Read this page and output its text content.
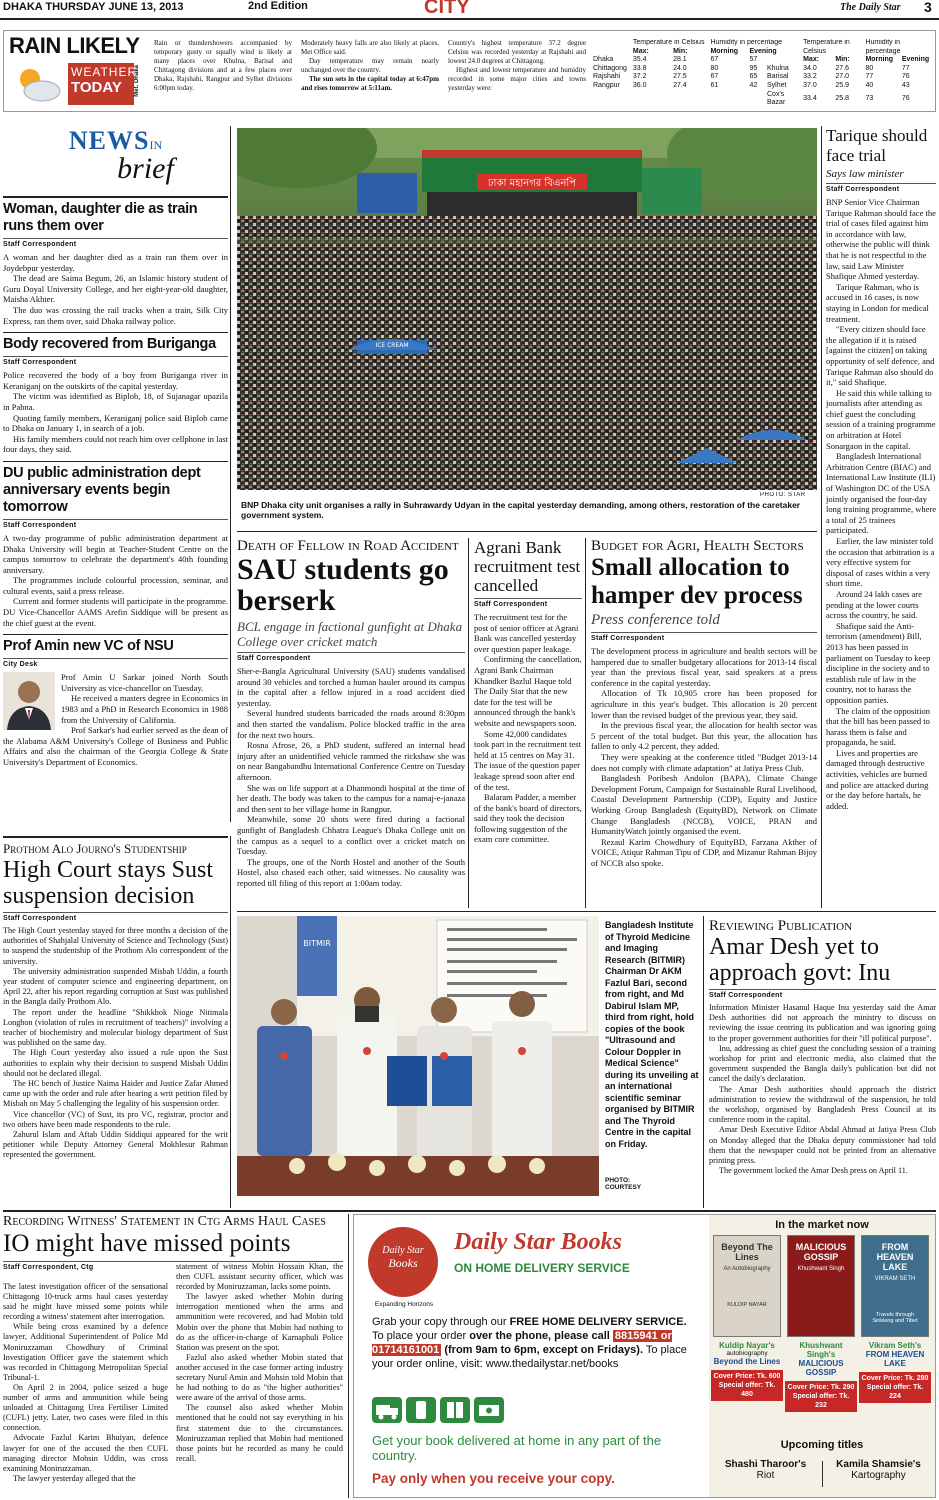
DHAKA THURSDAY JUNE 13, 2013	2nd Edition	CITY	The Daily Star 3
RAIN LIKELY
WEATHER
TODAY	Met. Dhaka
Rain or thundershowers accompanied by temporary gusty or squally wind is likely at many places over Khulna, Barisal and Chittagong divisions and at a few places over Dhaka, Rajshahi, Rangpur and Sylhet divisions 6:00pm today.
Moderately heavy falls are also likely at places, Met Office said.
Day temperature may remain nearly unchanged over the country.
The sun sets in the capital today at 6:47pm and rises tomorrow at 5:11am.
Country's highest temperature 37.2 degree Celsius was recorded yesterday at Rajshahi and lowest 24.0 degrees at Chittagong.
Highest and lowest temperature and humidity recorded in some major cities and towns yesterday were:
	Temperature in Celsius		Humidity in percentage	
	Max:	Min:	Morning	Evening
Dhaka	35.4	28.1	67	57
Chittagong	33.8	24.0	80	95
Rajshahi	37.2	27.5	67	65
Rangpur	36.0	27.4	61	42
	Temperature in Celsius		Humidity in percentage	
	Max:	Min:	Morning	Evening
Khulna	34.0	27.6	80	77
Barisal	33.2	27.0	77	76
Sylhet	37.0	25.9	40	43
Cox's Bazar	33.4	25.8	73	76
NEWSIN
brief
Woman, daughter die as train runs them over
Staff Correspondent

A woman and her daughter died as a train ran them over in Joydebpur yesterday.

The dead are Saima Begum, 26, an Islamic history student of Guru Doyal University College, and her eight-year-old daughter, Maisha Akhter.

The duo was crossing the rail tracks when a train, Silk City Express, ran them over, said Dhaka railway police.

Body recovered from Buriganga
Staff Correspondent

Police recovered the body of a boy from Buriganga river in Keraniganj on the outskirts of the capital yesterday.

The victim was identified as Biplob, 18, of Sujanagar upazila in Pabna.

Quoting family members, Keraniganj police said Biplob came to Dhaka on January 1, in search of a job.

His family members could not reach him over cellphone in last four days, they said.

DU public administration dept anniversary events begin tomorrow
Staff Correspondent

A two-day programme of public administration department at Dhaka University will begin at Teacher-Student Centre on the campus tomorrow to celebrate the department's 40th founding anniversary.

The programmes include colourful procession, seminar, and cultural events, said a press release.

Current and former students will participate in the programme. DU Vice-Chancellor AAMS Arefin Siddique will be present as the chief guest at the event.

Prof Amin new VC of NSU
City Desk

Prof Amin U Sarkar joined North South University as vice-chancellor on Tuesday.

He received a masters degree in Economics in 1983 and a PhD in Research Economics in 1988 from the University of California.

Prof Sarkar's had earlier served as the dean of the Alabama A&M University's College of Business and Public Affairs and also the chairman of the Georgia College & State University's Department of Economics.

ঢাকা মহানগর বিএনপি
ICE CREAM
PHOTO: STAR
BNP Dhaka city unit organises a rally in Suhrawardy Udyan in the capital yesterday demanding, among others, restoration of the caretaker government system.
Tarique should face trial
Says law minister
Staff Correspondent

BNP Senior Vice Chairman Tarique Rahman should face the trial of cases filed against him in accordance with law, otherwise the public will think that he is not respectful to the law, said Law Minister Shafique Ahmed yesterday.

Tarique Rahman, who is accused in 16 cases, is now staying in London for medical treatment.

"Every citizen should face the allegation if it is raised [against the citizen] on taking opportunity of self defence, and Tarique Rahman also should do it," said Shafique.

He said this while talking to journalists after attending as chief guest the concluding session of a training programme on arbitration at Hotel Sonargaon in the capital.

Bangladesh International Arbitration Centre (BIAC) and International Law Institute (ILI) of Washington DC of the USA jointly organised the four-day long training programme, where a total of 25 trainees participated.

Earlier, the law minister told the occasion that arbitration is a very effective system for disposal of cases within a very short time.

Around 24 lakh cases are pending at the lower courts across the country, he said.

Shafique said the Anti-terrorism (amendment) Bill, 2013 has been passed in parliament on Tuesday to keep discipline in the society and to establish rule of law in the country, not to harass the opposition parties.

The claim of the opposition that the bill has been passed to harass them is false and propaganda, he said.

Lives and properties are damaged through destructive activities, vehicles are burned and police are attacked during or the day before hartals, he added.

Death of Fellow in Road Accident
SAU students go berserk
BCL engage in factional gunfight at Dhaka College over cricket match
Staff Correspondent

Sher-e-Bangla Agricultural University (SAU) students vandalised around 30 vehicles and torched a human hauler around its campus in the capital after a fellow injured in a road accident died yesterday.

Several hundred students barricaded the roads around 8:30pm and then started the vandalism. Police blocked traffic in the area for the next two hours.

Rosna Afrose, 26, a PhD student, suffered an internal head injury after an unidentified vehicle rammed the rickshaw she was on near Bangabandhu International Conference Centre on Tuesday afternoon.

She was on life support at a Dhanmondi hospital at the time of her death. The body was taken to the campus for a namaj-e-janaza and then sent to her village home in Rangpur.

Meanwhile, some 20 shots were fired during a factional gunfight of Bangladesh Chhatra League's Dhaka College unit on the campus as a sequel to a conflict over a cricket match on Tuesday.

The groups, one of the North Hostel and another of the South Hostel, also chased each other, said witnesses. No causality was reported till filing of this report at 1:00am today.

Agrani Bank recruitment test cancelled
Staff Correspondent

The recruitment test for the post of senior officer at Agrani Bank was cancelled yesterday over question paper leakage.

Confirming the cancellation, Agrani Bank Chairman Khandker Bazlul Haque told The Daily Star that the new date for the test will be announced through the bank's website and newspapers soon.

Some 42,000 candidates took part in the recruitment test held at 15 centres on May 31. The issue of the question paper leakage spread soon after end of the test.

Balaram Padder, a member of the bank's board of directors, said they took the decision following suggestion of the exam core committee.

Budget for Agri, Health Sectors
Small allocation to hamper dev process
Press conference told
Staff Correspondent

The development process in agriculture and health sectors will be hampered due to smaller budgetary allocations for 2013-14 fiscal year than the previous fiscal year, said speakers at a press conference in the capital yesterday.

Allocation of Tk 10,905 crore has been proposed for agriculture in this year's budget. This allocation is 20 percent lower than the revised budget of the previous year, they said.

In the previous fiscal year, the allocation for health sector was 5 percent of the total budget. But this year, the allocation has fallen to only 4.2 percent, they added.

They were speaking at the conference titled "Budget 2013-14 does not comply with climate adaptation" at Jatiya Press Club.

Bangladesh Poribesh Andolon (BAPA), Climate Change Development Forum, Campaign for Sustainable Rural Livelihood, Coastal Development Partnership (CDP), Equity and Justice Working Group Bangladesh (EquityBD), Network on Climate Change Bangladesh (NCCB), VOICE, PRAN and HumanityWatch jointly organised the event.

Rezaul Karim Chowdhury of EquityBD, Farzana Akther of VOICE, Atiqur Rahman Tipu of CDP, and Mizanur Rahman Bijoy of NCCB also spoke.

Prothom Alo Journo's Studentship
High Court stays Sust suspension decision
Staff Correspondent

The High Court yesterday stayed for three months a decision of the authorities of Shahjalal University of Science and Technology (Sust) to suspend the studentship of the Prothom Alo correspondent of the university.

The university administration suspended Misbah Uddin, a fourth year student of computer science and engineering department, on April 22, after his report regarding corruption at Sust was published in the Bangla daily Prothom Alo.

The report under the headline "Shikkhok Nioge Nitimala Longhon (violation of rules in recruitment of teachers)" involving a teacher of biochemistry and molecular biology department of Sust was published on the same day.

The High Court yesterday also issued a rule upon the Sust authorities to explain why their decision to suspend Misbah Uddin should not be declared illegal.

The HC bench of Justice Naima Haider and Justice Zafar Ahmed came up with the order and rule after hearing a writ petition filed by Misbah on May 5 challenging the legality of his suspension order.

Vice chancellor (VC) of Sust, its pro VC, registrar, proctor and two others have been made respondents to the rule.

Zahurul Islam and Aftab Uddin Siddiqui appeared for the writ petitioner while Deputy Attorney General Mokhlesur Rahman represented the government.

BITMIR
Bangladesh Institute of Thyroid Medicine and Imaging Research (BITMIR) Chairman Dr AKM Fazlul Bari, second from right, and Md Dabirul Islam MP, third from right, hold copies of the book "Ultrasound and Colour Doppler in Medical Science" during its unveiling at an international scientific seminar organised by BITMIR and The Thyroid Centre in the capital on Friday.
PHOTO: COURTESY
Reviewing Publication
Amar Desh yet to approach govt: Inu
Staff Correspondent

Information Minister Hasanul Haque Inu yesterday said the Amar Desh authorities did not approach the ministry to discuss on reviewing the issue centring its publication and was ignoring going to the proper government authorities for their "ill political purpose".

Inu, addressing as chief guest the concluding session of a training workshop for print and electronic media, also claimed that the government suspended the Bangla daily's publication but did not cancel the daily's declaration.

The Amar Desh authorities should approach the district administration to review the withdrawal of the suspension, he told the workshop, organised by Bangladesh Press Council at its conference room in the capital.

Amar Desh Executive Editor Abdal Ahmad at Jatiya Press Club on Monday alleged that the Dhaka deputy commissioner had told them that the newspaper could not be printed from an alternative printing press.

The government locked the Amar Desh press on April 11.

Recording Witness' Statement in Ctg Arms Haul Cases
IO might have missed points
Staff Correspondent, Ctg

The latest investigation officer of the sensational Chittagong 10-truck arms haul cases yesterday said he might have missed some points while recording a witness' statement after interrogation.

While being cross examined by a defence lawyer, Additional Superintendent of Police Md Moniruzzaman Chowdhury of Criminal Investigation Officer gave the statement which was recorded in Chittagong Metropolitan Special Tribunal-1.

On April 2 in 2004, police seized a huge number of arms and ammunition while being unloaded at Chittagong Urea Fertiliser Limited (CUFL) jetty. Later, two cases were filed in this connection.

Advocate Fazlul Karim Bhuiyan, defence lawyer for one of the accused the then CUFL managing director Mohsin Uddin, was cross examining Moniruzzaman.

The lawyer yesterday alleged that the

statement of witness Mobin Hossain Khan, the then CUFL assistant security officer, which was recorded by Moniruzzaman, lacks some points.

The lawyer asked whether Mobin during interrogation mentioned when the arms and ammunition were recovered, and had Mobin told Mobin over the phone that Mobin had nothing to do as the officer-in-charge of Karnaphuli Police Station was present on the spot.

Fazlul also asked whether Mobin stated that another accused in the case former acting industry secretary Nurul Amin and Mohsin told Mobin that he had nothing to do as "the higher authorities" were aware of the arrival of those arms.

The counsel also asked whether Mobin mentioned that he could not say everything in his first statement due to the circumstances. Moniruzzaman replied that Mobin had mentioned those points but he recorded as many he could recall.

Daily Star
Books
Expanding Horizons
Daily Star Books
ON HOME DELIVERY SERVICE
Grab your copy through our FREE HOME DELIVERY SERVICE. To place your order over the phone, please call 8815941 or 01714161001 (from 9am to 6pm, except on Fridays). To place your order online, visit: www.thedailystar.net/books
Get your book delivered at home in any part of the country.
Pay only when you receive your copy.
In the market now
Beyond The Lines
An Autobiography
KULDIP NAYAR
Kuldip Nayar's
autobiography
Beyond the Lines
Cover Price: Tk. 600
Special offer: Tk. 480
MALICIOUS GOSSIP
Khushwant Singh
Khushwant Singh's
MALICIOUS GOSSIP
Cover Price: Tk. 290
Special offer: Tk. 232
FROM HEAVEN LAKE
VIKRAM SETH
Travels through Sinkiang and Tibet
Vikram Seth's
FROM HEAVEN LAKE
Cover Price: Tk. 280
Special offer: Tk. 224
Upcoming titles
Shashi Tharoor's
Riot
Kamila Shamsie's
Kartography
